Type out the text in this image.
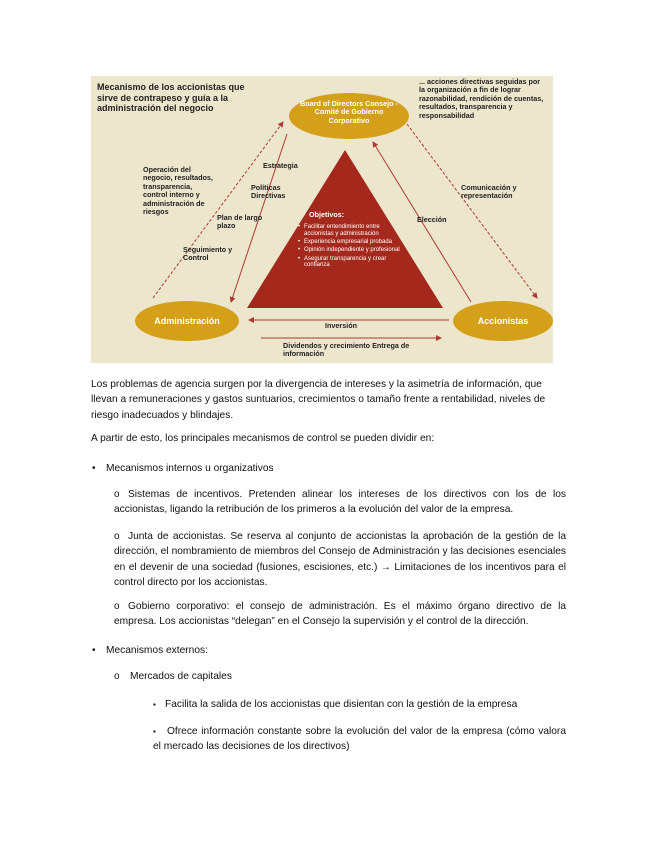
Mecanismo de los accionistas que sirve de contrapeso y guía a la administración del negocio
... acciones directivas seguidas por la organización a fin de lograr razonabilidad, rendición de cuentas, resultados, transparencia y responsabilidad
Board of Directors Consejo - Comité de Gobierno Corporativo
Administración	Accionistas
Operación del negocio, resultados, transparencia, control interno y administración de riesgos
Seguimiento y Control
Estrategia
Políticas Directivas
Plan de largo plazo
Elección
Comunicación y representación
Inversión
Dividendos y crecimiento Entrega de información
Objetivos:
• Facilitar entendimiento entre accionistas y administración
• Experiencia empresarial probada
• Opinión independiente y profesional
• Asegurar transparencia y crear confianza
Los problemas de agencia surgen por la divergencia de intereses y la asimetría de información, que llevan a remuneraciones y gastos suntuarios, crecimientos o tamaño frente a rentabilidad, niveles de riesgo inadecuados y blindajes.
A partir de esto, los principales mecanismos de control se pueden dividir en:
• Mecanismos internos u organizativos
o Sistemas de incentivos. Pretenden alinear los intereses de los directivos con los de los accionistas, ligando la retribución de los primeros a la evolución del valor de la empresa.
o Junta de accionistas. Se reserva al conjunto de accionistas la aprobación de la gestión de la dirección, el nombramiento de miembros del Consejo de Administración y las decisiones esenciales en el devenir de una sociedad (fusiones, escisiones, etc.) → Limitaciones de los incentivos para el control directo por los accionistas.
o Gobierno corporativo: el consejo de administración. Es el máximo órgano directivo de la empresa. Los accionistas “delegan” en el Consejo la supervisión y el control de la dirección.
• Mecanismos externos:
o Mercados de capitales
▪ Facilita la salida de los accionistas que disientan con la gestión de la empresa
▪	Ofrece información constante sobre la evolución del valor de la empresa (cómo valora el mercado las decisiones de los directivos)
